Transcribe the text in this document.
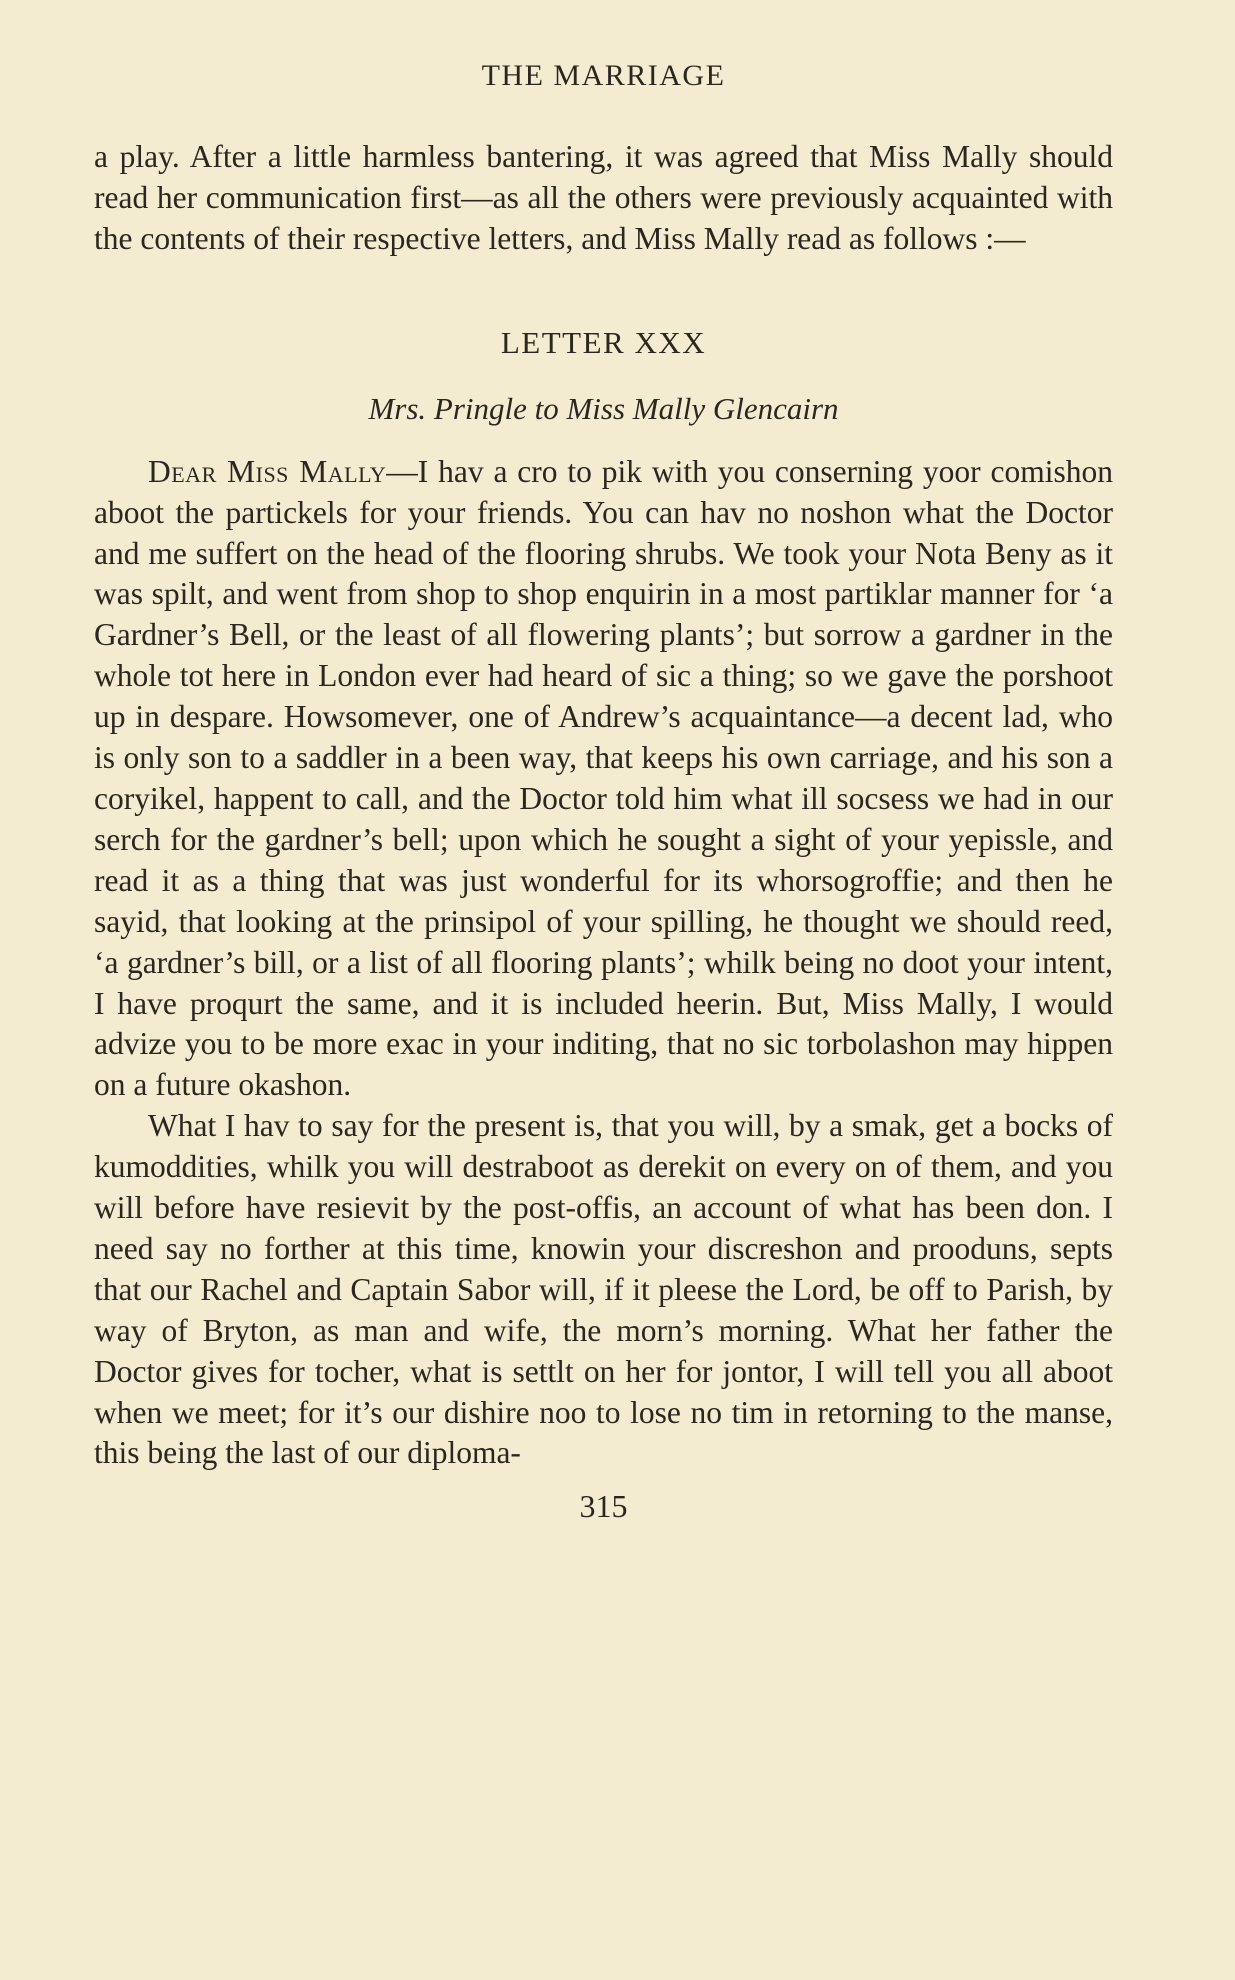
THE MARRIAGE

a play. After a little harmless bantering, it was agreed that Miss Mally should read her communication first—as all the others were previously acquainted with the contents of their respective letters, and Miss Mally read as follows :—

LETTER XXX
Mrs. Pringle to Miss Mally Glencairn

Dear Miss Mally—I hav a cro to pik with you conserning yoor comishon aboot the partickels for your friends. You can hav no noshon what the Doctor and me suffert on the head of the flooring shrubs. We took your Nota Beny as it was spilt, and went from shop to shop enquirin in a most partiklar manner for ‘a Gardner’s Bell, or the least of all flowering plants’; but sorrow a gardner in the whole tot here in London ever had heard of sic a thing; so we gave the porshoot up in despare. Howsomever, one of Andrew’s acquaintance—a decent lad, who is only son to a saddler in a been way, that keeps his own carriage, and his son a coryikel, happent to call, and the Doctor told him what ill socsess we had in our serch for the gardner’s bell; upon which he sought a sight of your yepissle, and read it as a thing that was just wonderful for its whorsogroffie; and then he sayid, that looking at the prinsipol of your spilling, he thought we should reed, ‘a gardner’s bill, or a list of all flooring plants’; whilk being no doot your intent, I have proqurt the same, and it is included heerin. But, Miss Mally, I would advize you to be more exac in your inditing, that no sic torbolashon may hippen on a future okashon.

What I hav to say for the present is, that you will, by a smak, get a bocks of kumoddities, whilk you will destraboot as derekit on every on of them, and you will before have resievit by the post-offis, an account of what has been don. I need say no forther at this time, knowin your discreshon and prooduns, septs that our Rachel and Captain Sabor will, if it pleese the Lord, be off to Parish, by way of Bryton, as man and wife, the morn’s morning. What her father the Doctor gives for tocher, what is settlt on her for jontor, I will tell you all aboot when we meet; for it’s our dishire noo to lose no tim in retorning to the manse, this being the last of our diploma-

315
